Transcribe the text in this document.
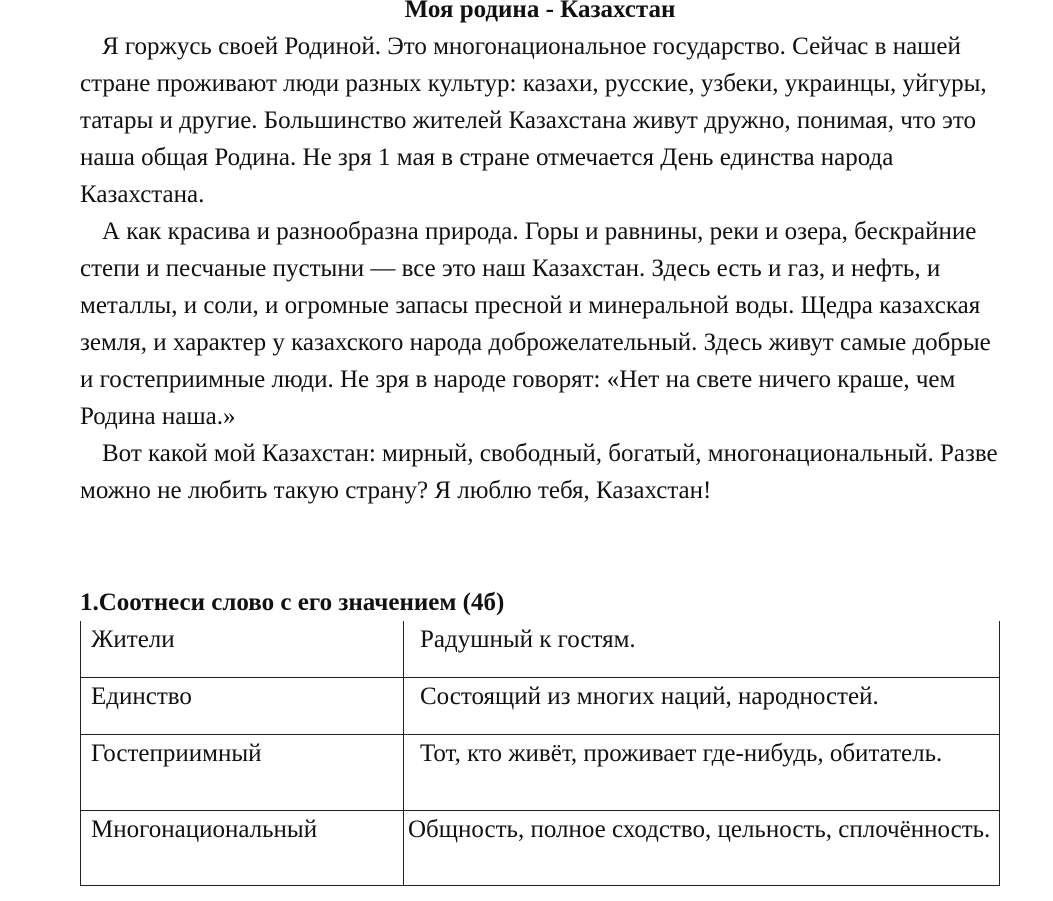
Моя родина - Казахстан

Я горжусь своей Родиной. Это многонациональное государство. Сейчас в нашей стране проживают люди разных культур: казахи, русские, узбеки, украинцы, уйгуры, татары и другие. Большинство жителей Казахстана живут дружно, понимая, что это наша общая Родина. Не зря 1 мая в стране отмечается День единства народа Казахстана.

А как красива и разнообразна природа. Горы и равнины, реки и озера, бескрайние степи и песчаные пустыни — все это наш Казахстан. Здесь есть и газ, и нефть, и металлы, и соли, и огромные запасы пресной и минеральной воды. Щедра казахская земля, и характер у казахского народа доброжелательный. Здесь живут самые добрые и гостеприимные люди. Не зря в народе говорят: «Нет на свете ничего краше, чем Родина наша.»

Вот какой мой Казахстан: мирный, свободный, богатый, многонациональный. Разве можно не любить такую страну? Я люблю тебя, Казахстан!

1.Соотнеси слово с его значением (4б)
Жители	Радушный к гостям.
Единство	Состоящий из многих наций, народностей.
Гостеприимный	Тот, кто живёт, проживает где-нибудь, обитатель.
Многонациональный	Общность, полное сходство, цельность, сплочённость.
